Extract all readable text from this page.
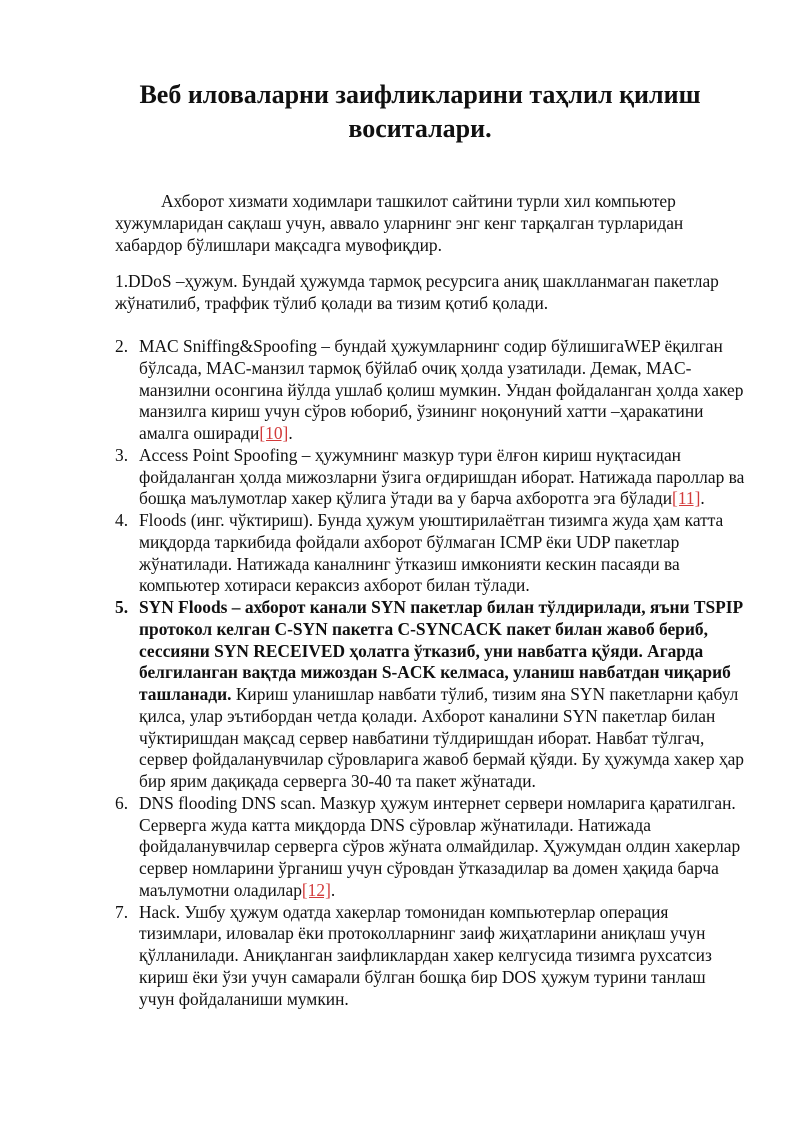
Веб иловаларни заифликларини таҳлил қилиш воситалари.

Ахборот хизмати ходимлари ташкилот сайтини турли хил компьютер хужумларидан сақлаш учун, аввало уларнинг энг кенг тарқалган турларидан хабардор бўлишлари мақсадга мувофиқдир.

1.DDoS –ҳужум. Бундай ҳужумда тармоқ ресурсига аниқ шаклланмаган пакетлар жўнатилиб, траффик тўлиб қолади ва тизим қотиб қолади.

2. MAC Sniffing&Spoofing – бундай ҳужумларнинг содир бўлишигаWEP ёқилган бўлсада, MAC-манзил тармоқ бўйлаб очиқ ҳолда узатилади. Демак, MAC-манзилни осонгина йўлда ушлаб қолиш мумкин. Ундан фойдаланган ҳолда хакер манзилга кириш учун сўров юбориб, ўзининг ноқонуний хатти –ҳаракатини амалга оширади[10].
3. Access Point Spoofing – ҳужумнинг мазкур тури ёлғон кириш нуқтасидан фойдаланган ҳолда мижозларни ўзига оғдиришдан иборат. Натижада пароллар ва бошқа маълумотлар хакер қўлига ўтади ва у барча ахборотга эга бўлади[11].
4. Floods (инг. чўктириш). Бунда ҳужум уюштирилаётган тизимга жуда ҳам катта миқдорда таркибида фойдали ахборот бўлмаган ICMP ёки UDP пакетлар жўнатилади. Натижада каналнинг ўтказиш имконияти кескин пасаяди ва компьютер хотираси кераксиз ахборот билан тўлади.
5. SYN Floods – ахборот канали SYN пакетлар билан тўлдирилади, яъни TSPIP протокол келган C-SYN пакетга C-SYNCACK пакет билан жавоб бериб, сессияни SYN RECEIVED ҳолатга ўтказиб, уни навбатга қўяди. Агарда белгиланган вақтда мижоздан S-ACK келмаса, уланиш навбатдан чиқариб ташланади. Кириш уланишлар навбати тўлиб, тизим яна SYN пакетларни қабул қилса, улар эътибордан четда қолади. Ахборот каналини SYN пакетлар билан чўктиришдан мақсад сервер навбатини тўлдиришдан иборат. Навбат тўлгач, сервер фойдаланувчилар сўровларига жавоб бермай қўяди. Бу ҳужумда хакер ҳар бир ярим дақиқада серверга 30-40 та пакет жўнатади.
6. DNS flooding DNS scan. Мазкур ҳужум интернет сервери номларига қаратилган. Серверга жуда катта миқдорда DNS сўровлар жўнатилади. Натижада фойдаланувчилар серверга сўров жўната олмайдилар. Ҳужумдан олдин хакерлар сервер номларини ўрганиш учун сўровдан ўтказадилар ва домен ҳақида барча маълумотни оладилар[12].
7. Hack. Ушбу ҳужум одатда хакерлар томонидан компьютерлар операция тизимлари, иловалар ёки протоколларнинг заиф жиҳатларини аниқлаш учун қўлланилади. Аниқланган заифликлардан хакер келгусида тизимга рухсатсиз кириш ёки ўзи учун самарали бўлган бошқа бир DOS ҳужум турини танлаш учун фойдаланиши мумкин.
